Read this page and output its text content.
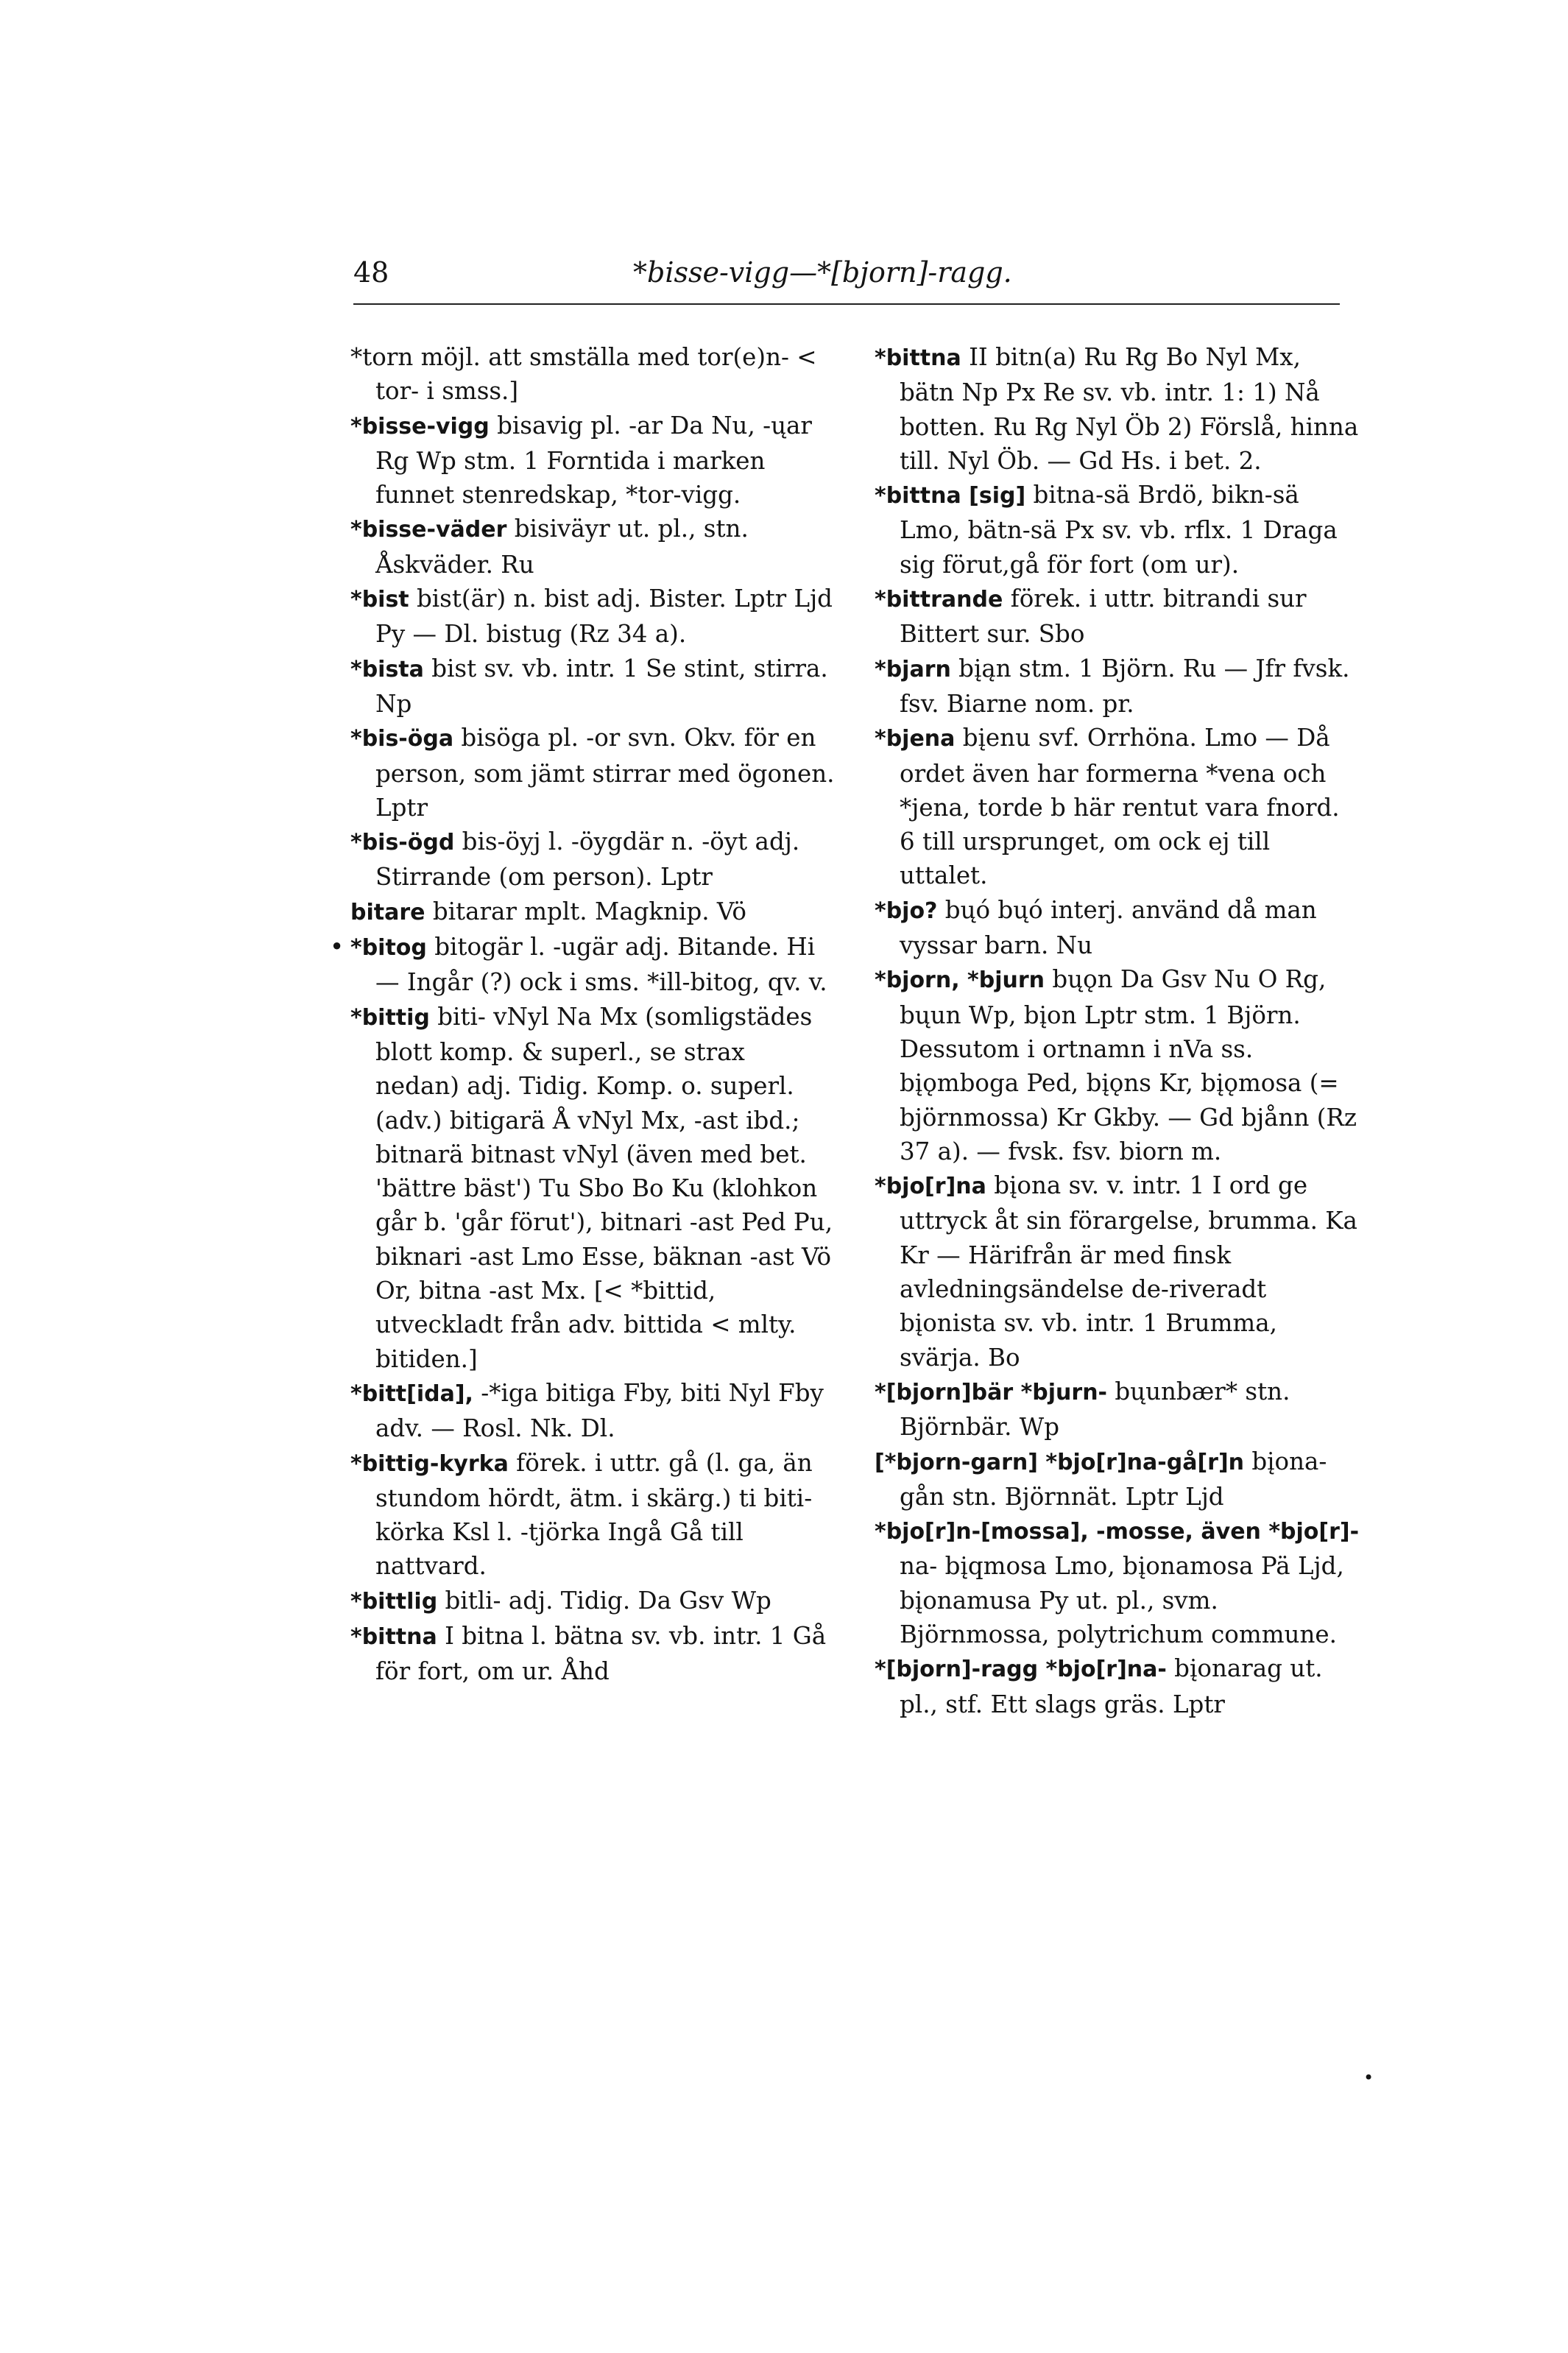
48	*bisse-vigg—*[bjorn]-ragg.

*torn möjl. att smställa med tor(e)n- < tor- i smss.]

*bisse-vigg bisavig pl. -ar Da Nu, -ųar Rg Wp stm. 1 Forntida i marken funnet stenredskap, *tor-vigg.

*bisse-väder bisiväyr ut. pl., stn. Åskväder. Ru

*bist bist(är) n. bist adj. Bister. Lptr Ljd Py — Dl. bistug (Rz 34 a).

*bista bist sv. vb. intr. 1 Se stint, stirra. Np

*bis-öga bisöga pl. -or svn. Okv. för en person, som jämt stirrar med ögonen. Lptr

*bis-ögd bis-öyj l. -öygdär n. -öyt adj. Stirrande (om person). Lptr

bitare bitarar mplt. Magknip. Vö

• *bitog bitogär l. -ugär adj. Bitande. Hi — Ingår (?) ock i sms. *ill-bitog, qv. v.

*bittig biti- vNyl Na Mx (somligstädes blott komp. & superl., se strax nedan) adj. Tidig. Komp. o. superl. (adv.) bitigarä Å vNyl Mx, -ast ibd.; bitnarä bitnast vNyl (även med bet. 'bättre bäst') Tu Sbo Bo Ku (klohkon går b. 'går förut'), bitnari -ast Ped Pu, biknari -ast Lmo Esse, bäknan -ast Vö Or, bitna -ast Mx. [< *bittid, utveckladt från adv. bittida < mlty. bitiden.]

*bitt[ida], -*iga bitiga Fby, biti Nyl Fby adv. — Rosl. Nk. Dl.

*bittig-kyrka förek. i uttr. gå (l. ga, än stundom hördt, ätm. i skärg.) ti biti-körka Ksl l. -tjörka Ingå Gå till nattvard.

*bittlig bitli- adj. Tidig. Da Gsv Wp

*bittna I bitna l. bätna sv. vb. intr. 1 Gå för fort, om ur. Åhd

*bittna II bitn(a) Ru Rg Bo Nyl Mx, bätn Np Px Re sv. vb. intr. 1: 1) Nå botten. Ru Rg Nyl Öb 2) Förslå, hinna till. Nyl Öb. — Gd Hs. i bet. 2.

*bittna [sig] bitna-sä Brdö, bikn-sä Lmo, bätn-sä Px sv. vb. rflx. 1 Draga sig förut,gå för fort (om ur).

*bittrande förek. i uttr. bitrandi sur Bittert sur. Sbo

*bjarn bįąn stm. 1 Björn. Ru — Jfr fvsk. fsv. Biarne nom. pr.

*bjena bįenu svf. Orrhöna. Lmo — Då ordet även har formerna *vena och *jena, torde b här rentut vara fnord. 6 till ursprunget, om ock ej till uttalet.

*bjo? bųó bųó interj. använd då man vyssar barn. Nu

*bjorn, *bjurn bųǫn Da Gsv Nu O Rg, bųun Wp, bįon Lptr stm. 1 Björn. Dessutom i ortnamn i nVa ss. bįǫmboga Ped, bįǫns Kr, bįǫmosa (= björnmossa) Kr Gkby. — Gd bjånn (Rz 37 a). — fvsk. fsv. biorn m.

*bjo[r]na bįona sv. v. intr. 1 I ord ge uttryck åt sin förargelse, brumma. Ka Kr — Härifrån är med finsk avledningsändelse de-riveradt bįonista sv. vb. intr. 1 Brumma, svärja. Bo

*[bjorn]bär *bjurn- bųunbær* stn. Björnbär. Wp

[*bjorn-garn] *bjo[r]na-gå[r]n bįona-gån stn. Björnnät. Lptr Ljd

*bjo[r]n-[mossa], -mosse, även *bjo[r]-na- bįqmosa Lmo, bįonamosa Pä Ljd, bįonamusa Py ut. pl., svm. Björnmossa, polytrichum commune.

*[bjorn]-ragg *bjo[r]na- bįonarag ut. pl., stf. Ett slags gräs. Lptr

•
